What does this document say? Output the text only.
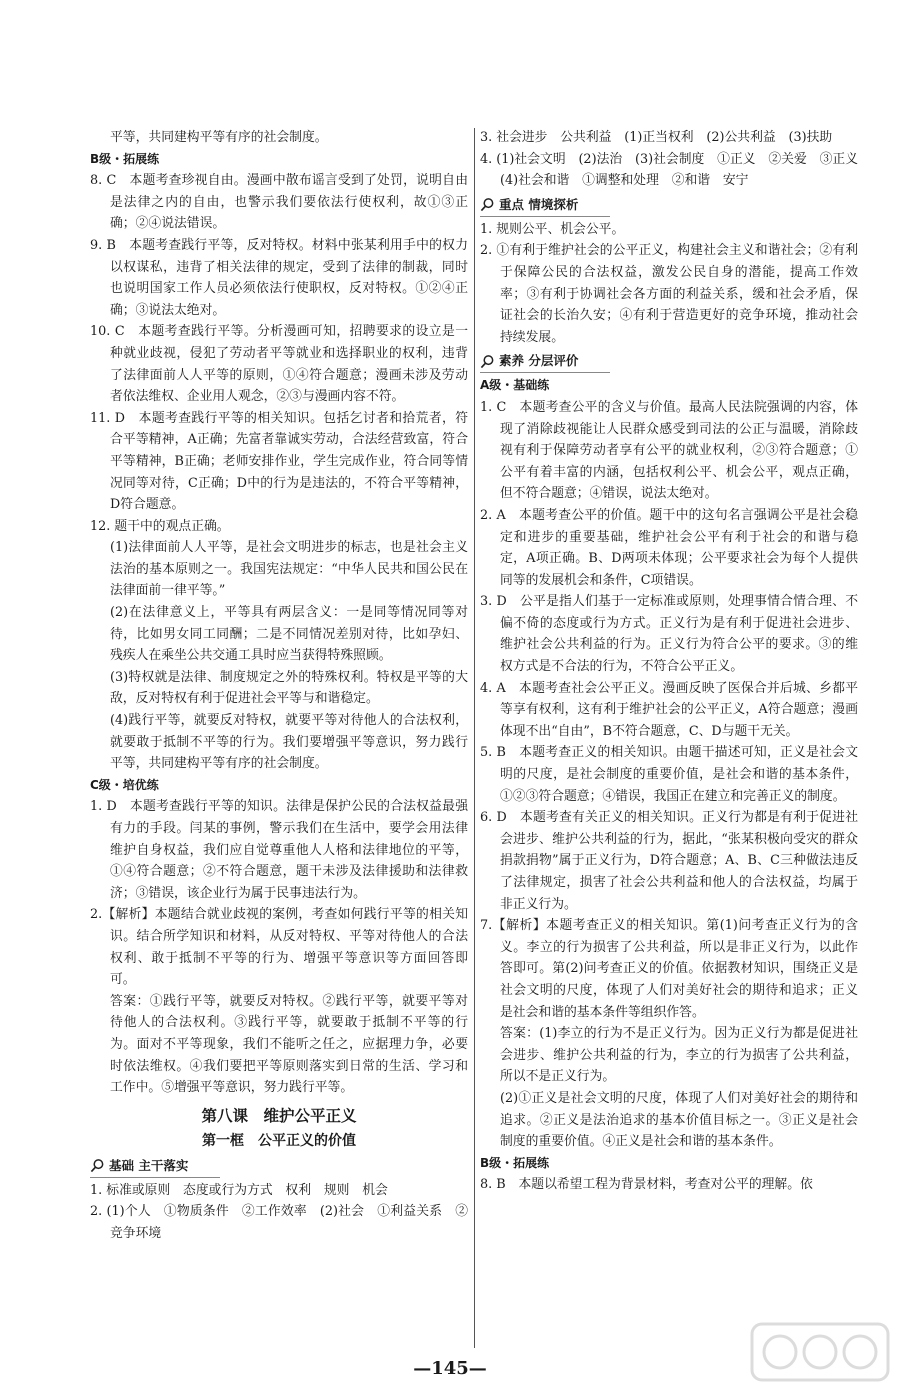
平等，共同建构平等有序的社会制度。

B级・拓展练

8. C　本题考查珍视自由。漫画中散布谣言受到了处罚，说明自由是法律之内的自由，也警示我们要依法行使权利，故①③正确；②④说法错误。

9. B　本题考查践行平等，反对特权。材料中张某利用手中的权力以权谋私，违背了相关法律的规定，受到了法律的制裁，同时也说明国家工作人员必须依法行使职权，反对特权。①②④正确；③说法太绝对。

10. C　本题考查践行平等。分析漫画可知，招聘要求的设立是一种就业歧视，侵犯了劳动者平等就业和选择职业的权利，违背了法律面前人人平等的原则，①④符合题意；漫画未涉及劳动者依法维权、企业用人观念，②③与漫画内容不符。

11. D　本题考查践行平等的相关知识。包括乞讨者和拾荒者，符合平等精神，A正确；先富者靠诚实劳动，合法经营致富，符合平等精神，B正确；老师安排作业，学生完成作业，符合同等情况同等对待，C正确；D中的行为是违法的，不符合平等精神，D符合题意。

12. 题干中的观点正确。

(1)法律面前人人平等，是社会文明进步的标志，也是社会主义法治的基本原则之一。我国宪法规定：“中华人民共和国公民在法律面前一律平等。”

(2)在法律意义上，平等具有两层含义：一是同等情况同等对待，比如男女同工同酬；二是不同情况差别对待，比如孕妇、残疾人在乘坐公共交通工具时应当获得特殊照顾。

(3)特权就是法律、制度规定之外的特殊权利。特权是平等的大敌，反对特权有利于促进社会平等与和谐稳定。

(4)践行平等，就要反对特权，就要平等对待他人的合法权利，就要敢于抵制不平等的行为。我们要增强平等意识，努力践行平等，共同建构平等有序的社会制度。

C级・培优练

1. D　本题考查践行平等的知识。法律是保护公民的合法权益最强有力的手段。闫某的事例，警示我们在生活中，要学会用法律维护自身权益，我们应自觉尊重他人人格和法律地位的平等，①④符合题意；②不符合题意，题干未涉及法律援助和法律救济；③错误，该企业行为属于民事违法行为。

2.【解析】本题结合就业歧视的案例，考查如何践行平等的相关知识。结合所学知识和材料，从反对特权、平等对待他人的合法权利、敢于抵制不平等的行为、增强平等意识等方面回答即可。

答案：①践行平等，就要反对特权。②践行平等，就要平等对待他人的合法权利。③践行平等，就要敢于抵制不平等的行为。面对不平等现象，我们不能听之任之，应据理力争，必要时依法维权。④我们要把平等原则落实到日常的生活、学习和工作中。⑤增强平等意识，努力践行平等。

第八课　维护公平正义

第一框　公平正义的价值

基础 主干落实

1. 标准或原则　态度或行为方式　权利　规则　机会

2. (1)个人　①物质条件　②工作效率　(2)社会　①利益关系　②竞争环境

3. 社会进步　公共利益　(1)正当权利　(2)公共利益　(3)扶助

4. (1)社会文明　(2)法治　(3)社会制度　①正义　②关爱　③正义　(4)社会和谐　①调整和处理　②和谐　安宁

重点 情境探析

1. 规则公平、机会公平。

2. ①有利于维护社会的公平正义，构建社会主义和谐社会；②有利于保障公民的合法权益，激发公民自身的潜能，提高工作效率；③有利于协调社会各方面的利益关系，缓和社会矛盾，保证社会的长治久安；④有利于营造更好的竞争环境，推动社会持续发展。

素养 分层评价

A级・基础练

1. C　本题考查公平的含义与价值。最高人民法院强调的内容，体现了消除歧视能让人民群众感受到司法的公正与温暖，消除歧视有利于保障劳动者享有公平的就业权利，②③符合题意；①公平有着丰富的内涵，包括权利公平、机会公平，观点正确，但不符合题意；④错误，说法太绝对。

2. A　本题考查公平的价值。题干中的这句名言强调公平是社会稳定和进步的重要基础，维护社会公平有利于社会的和谐与稳定，A项正确。B、D两项未体现；公平要求社会为每个人提供同等的发展机会和条件，C项错误。

3. D　公平是指人们基于一定标准或原则，处理事情合情合理、不偏不倚的态度或行为方式。正义行为是有利于促进社会进步、维护社会公共利益的行为。正义行为符合公平的要求。③的维权方式是不合法的行为，不符合公平正义。

4. A　本题考查社会公平正义。漫画反映了医保合并后城、乡都平等享有权利，这有利于维护社会的公平正义，A符合题意；漫画体现不出“自由”，B不符合题意，C、D与题干无关。

5. B　本题考查正义的相关知识。由题干描述可知，正义是社会文明的尺度，是社会制度的重要价值，是社会和谐的基本条件，①②③符合题意；④错误，我国正在建立和完善正义的制度。

6. D　本题考查有关正义的相关知识。正义行为都是有利于促进社会进步、维护公共利益的行为，据此，“张某积极向受灾的群众捐款捐物”属于正义行为，D符合题意；A、B、C三种做法违反了法律规定，损害了社会公共利益和他人的合法权益，均属于非正义行为。

7.【解析】本题考查正义的相关知识。第(1)问考查正义行为的含义。李立的行为损害了公共利益，所以是非正义行为，以此作答即可。第(2)问考查正义的价值。依据教材知识，围绕正义是社会文明的尺度，体现了人们对美好社会的期待和追求；正义是社会和谐的基本条件等组织作答。

答案：(1)李立的行为不是正义行为。因为正义行为都是促进社会进步、维护公共利益的行为，李立的行为损害了公共利益，所以不是正义行为。

(2)①正义是社会文明的尺度，体现了人们对美好社会的期待和追求。②正义是法治追求的基本价值目标之一。③正义是社会制度的重要价值。④正义是社会和谐的基本条件。

B级・拓展练

8. B　本题以希望工程为背景材料，考查对公平的理解。依

—145—
